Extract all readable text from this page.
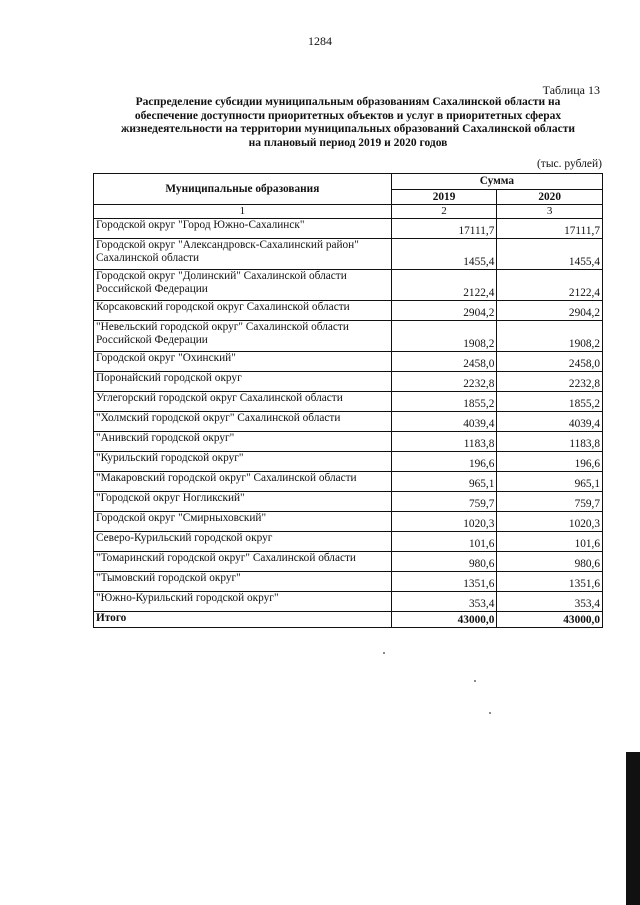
1284
Таблица 13
Распределение субсидии муниципальным образованиям Сахалинской области на
обеспечение доступности приоритетных объектов и услуг в приоритетных сферах
жизнедеятельности на территории муниципальных образований Сахалинской области
на плановый период 2019 и 2020 годов
(тыс. рублей)
Муниципальные образования	Сумма	
	2019	2020
1	2	3

Городской округ "Город Южно-Сахалинск"	17111,7	17111,7

Городской округ "Александровск-Сахалинский район"
Сахалинской области	1455,4	1455,4

Городской округ "Долинский" Сахалинской области
Российской Федерации	2122,4	2122,4

Корсаковский городской округ Сахалинской области	2904,2	2904,2

"Невельский городской округ" Сахалинской области
Российской Федерации	1908,2	1908,2

Городской округ "Охинский"	2458,0	2458,0

Поронайский городской округ	2232,8	2232,8

Углегорский городской округ Сахалинской области	1855,2	1855,2

"Холмский городской округ" Сахалинской области	4039,4	4039,4

"Анивский городской округ"	1183,8	1183,8

"Курильский городской округ"	196,6	196,6

"Макаровский городской округ" Сахалинской области	965,1	965,1

"Городской округ Ногликский"	759,7	759,7

Городской округ "Смирныховский"	1020,3	1020,3

Северо-Курильский городской округ	101,6	101,6

"Томаринский городской округ" Сахалинской области	980,6	980,6

"Тымовский городской округ"	1351,6	1351,6

"Южно-Курильский городской округ"	353,4	353,4
Итого	43000,0	43000,0
